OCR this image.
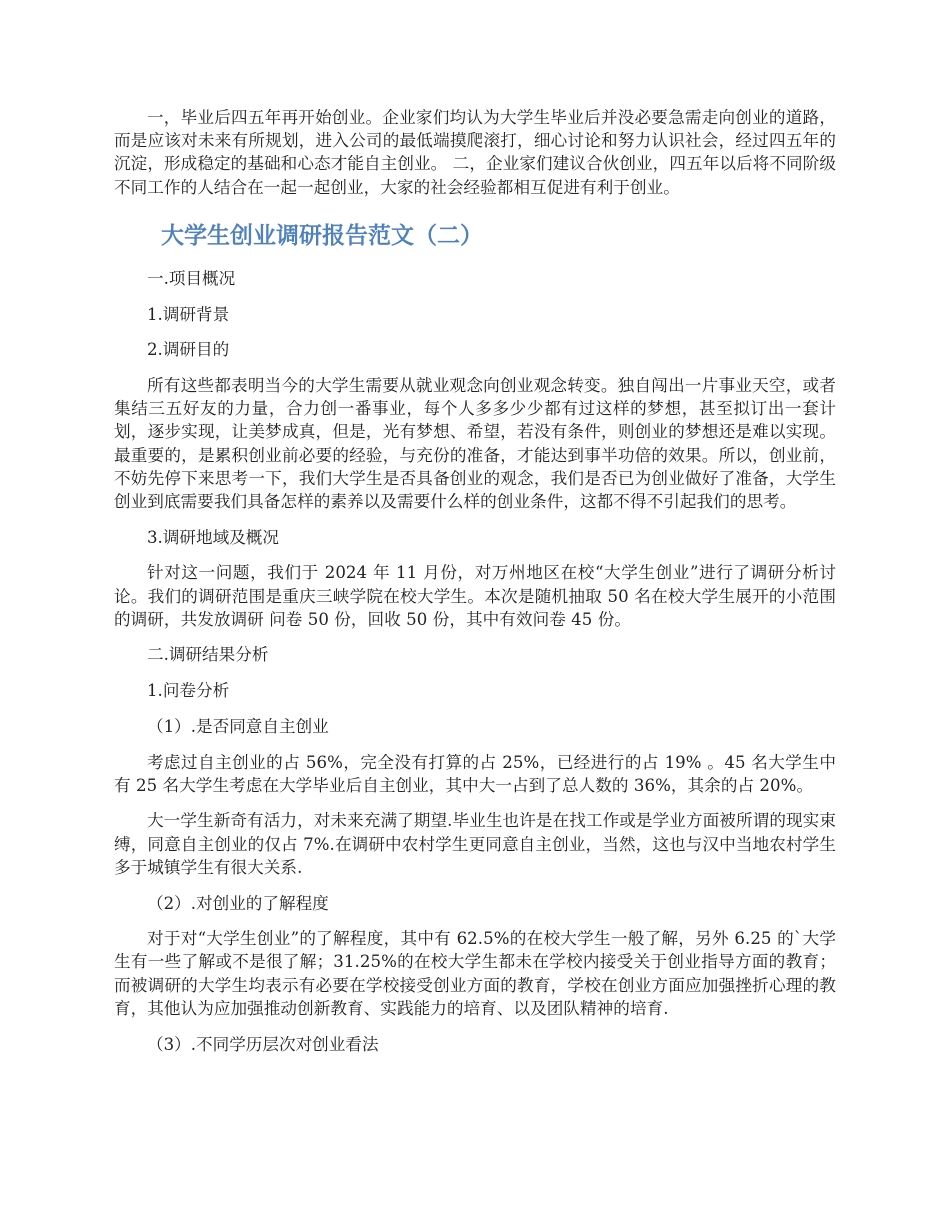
一，毕业后四五年再开始创业。企业家们均认为大学生毕业后并没必要急需走向创业的道路，而是应该对未来有所规划，进入公司的最低端摸爬滚打，细心讨论和努力认识社会，经过四五年的沉淀，形成稳定的基础和心态才能自主创业。 二，企业家们建议合伙创业，四五年以后将不同阶级不同工作的人结合在一起一起创业，大家的社会经验都相互促进有利于创业。

大学生创业调研报告范文（二）

一.项目概况

1.调研背景

2.调研目的

所有这些都表明当今的大学生需要从就业观念向创业观念转变。独自闯出一片事业天空，或者集结三五好友的力量，合力创一番事业，每个人多多少少都有过这样的梦想，甚至拟订出一套计划，逐步实现，让美梦成真，但是，光有梦想、希望，若没有条件，则创业的梦想还是难以实现。最重要的，是累积创业前必要的经验，与充份的准备，才能达到事半功倍的效果。所以，创业前，不妨先停下来思考一下，我们大学生是否具备创业的观念，我们是否已为创业做好了准备，大学生创业到底需要我们具备怎样的素养以及需要什么样的创业条件，这都不得不引起我们的思考。

3.调研地域及概况

针对这一问题，我们于 2024 年 11 月份，对万州地区在校“大学生创业”进行了调研分析讨论。我们的调研范围是重庆三峡学院在校大学生。本次是随机抽取 50 名在校大学生展开的小范围的调研，共发放调研 问卷 50 份，回收 50 份，其中有效问卷 45 份。

二.调研结果分析

1.问卷分析

（1）.是否同意自主创业

考虑过自主创业的占 56%，完全没有打算的占 25%，已经进行的占 19% 。45 名大学生中有 25 名大学生考虑在大学毕业后自主创业，其中大一占到了总人数的 36%，其余的占 20%。

大一学生新奇有活力，对未来充满了期望.毕业生也许是在找工作或是学业方面被所谓的现实束缚，同意自主创业的仅占 7%.在调研中农村学生更同意自主创业，当然，这也与汉中当地农村学生多于城镇学生有很大关系.

（2）.对创业的了解程度

对于对“大学生创业”的了解程度，其中有 62.5%的在校大学生一般了解，另外 6.25 的`大学生有一些了解或不是很了解；31.25%的在校大学生都未在学校内接受关于创业指导方面的教育；而被调研的大学生均表示有必要在学校接受创业方面的教育，学校在创业方面应加强挫折心理的教育，其他认为应加强推动创新教育、实践能力的培育、以及团队精神的培育.

（3）.不同学历层次对创业看法
